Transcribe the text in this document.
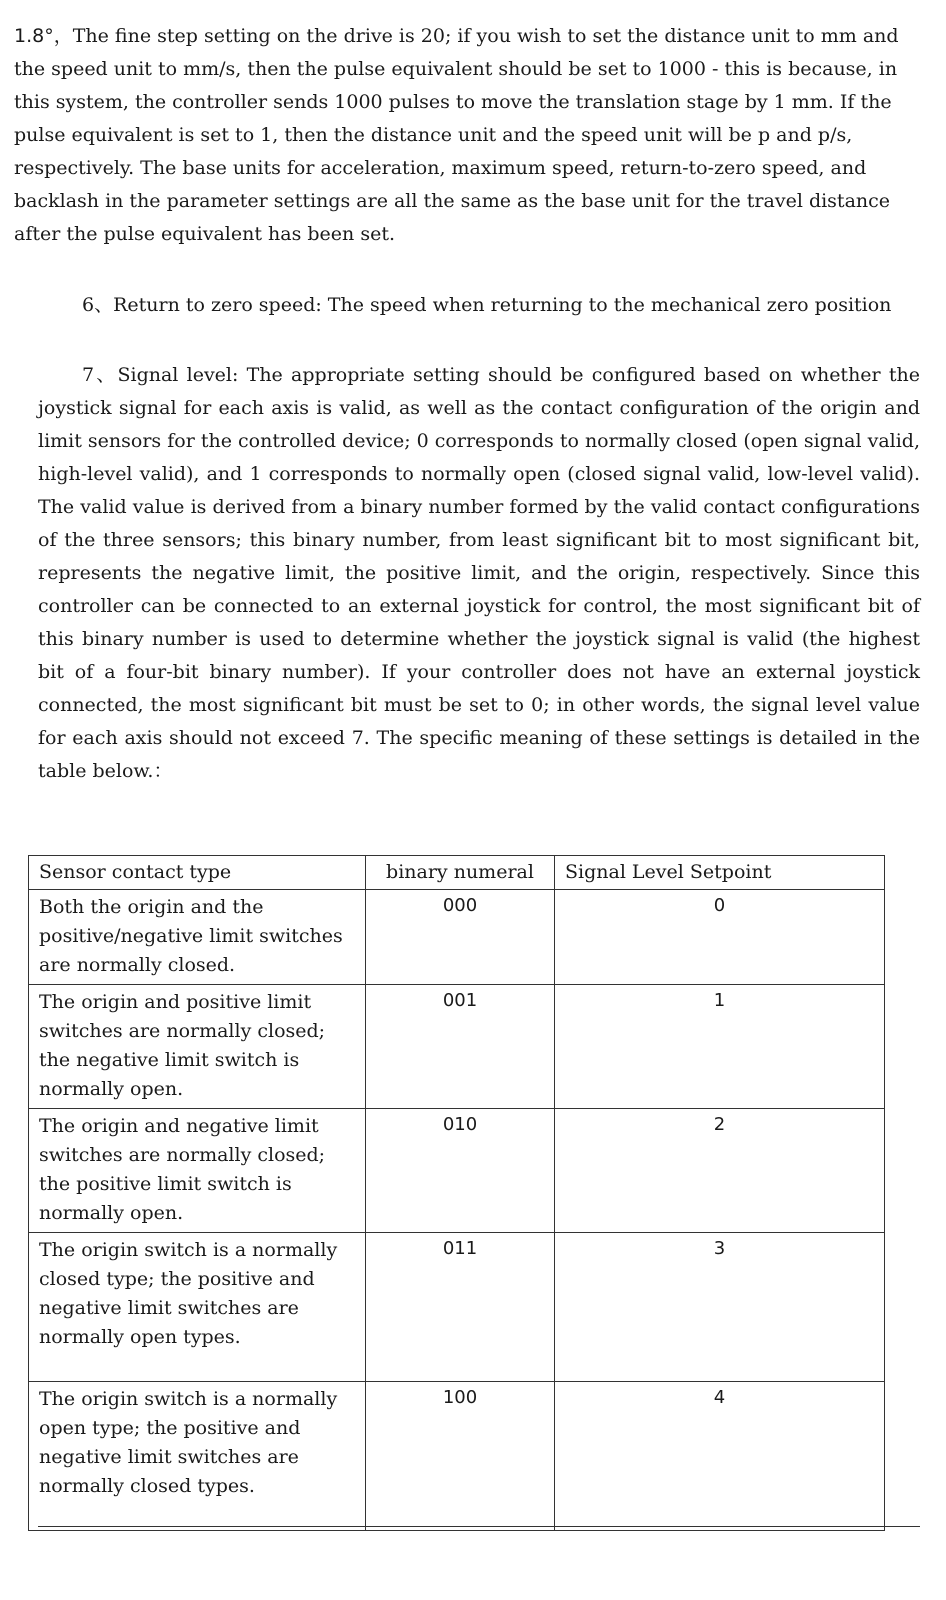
1.8°，The fine step setting on the drive is 20; if you wish to set the distance unit to mm and the speed unit to mm/s, then the pulse equivalent should be set to 1000 - this is because, in this system, the controller sends 1000 pulses to move the translation stage by 1 mm. If the pulse equivalent is set to 1, then the distance unit and the speed unit will be p and p/s, respectively. The base units for acceleration, maximum speed, return-to-zero speed, and backlash in the parameter settings are all the same as the base unit for the travel distance after the pulse equivalent has been set.

6、Return to zero speed: The speed when returning to the mechanical zero position

7、Signal level: The appropriate setting should be configured based on whether the joystick signal for each axis is valid, as well as the contact configuration of the origin and limit sensors for the controlled device; 0 corresponds to normally closed (open signal valid, high-level valid), and 1 corresponds to normally open (closed signal valid, low-level valid). The valid value is derived from a binary number formed by the valid contact configurations of the three sensors; this binary number, from least significant bit to most significant bit, represents the negative limit, the positive limit, and the origin, respectively. Since this controller can be connected to an external joystick for control, the most significant bit of this binary number is used to determine whether the joystick signal is valid (the highest bit of a four-bit binary number). If your controller does not have an external joystick connected, the most significant bit must be set to 0; in other words, the signal level value for each axis should not exceed 7. The specific meaning of these settings is detailed in the table below.：

Sensor contact type	binary numeral	Signal Level Setpoint
Both the origin and the positive/negative limit switches are normally closed.	000	0
The origin and positive limit switches are normally closed; the negative limit switch is normally open.	001	1
The origin and negative limit switches are normally closed; the positive limit switch is normally open.	010	2
The origin switch is a normally closed type; the positive and negative limit switches are normally open types.	011	3
The origin switch is a normally open type; the positive and negative limit switches are normally closed types.	100	4
